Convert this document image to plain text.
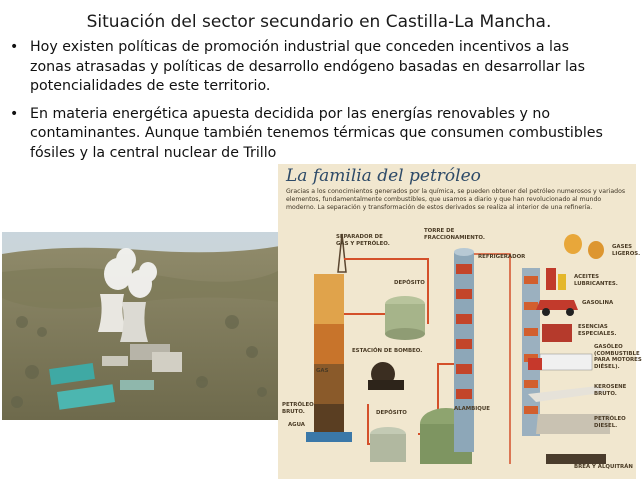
Situación del sector secundario en Castilla-La Mancha.
• Hoy existen políticas de promoción industrial que conceden incentivos a las
zonas atrasadas y políticas de desarrollo endógeno basadas en desarrollar las
potencialidades de este territorio.
• En materia energética apuesta decidida por las energías renovables y no
contaminantes. Aunque también tenemos térmicas que consumen combustibles
fósiles y la central nuclear de Trillo
La familia del petróleo
Gracias a los conocimientos generados por la química, se pueden obtener del petróleo numerosos y variados
elementos, fundamentalmente combustibles, que usamos a diario y que han revolucionado al mundo
moderno. La separación y transformación de estos derivados se realiza al interior de una refinería.
SEPARADOR DE
GAS Y PETRÓLEO.
TORRE DE
FRACCIONAMIENTO.
REFRIGERADOR
DEPÓSITO
ESTACIÓN DE BOMBEO.
GAS
PETRÓLEO
BRUTO.
AGUA
DEPÓSITO
ALAMBIQUE
GASES
LIGEROS.
ACEITES
LUBRICANTES.
GASOLINA
ESENCIAS
ESPECIALES.
GASÓLEO
(COMBUSTIBLE
PARA MOTORES
DIÉSEL).
KEROSENE
BRUTO.
PETRÓLEO
DIESEL.
BREA Y ALQUITRÁN
